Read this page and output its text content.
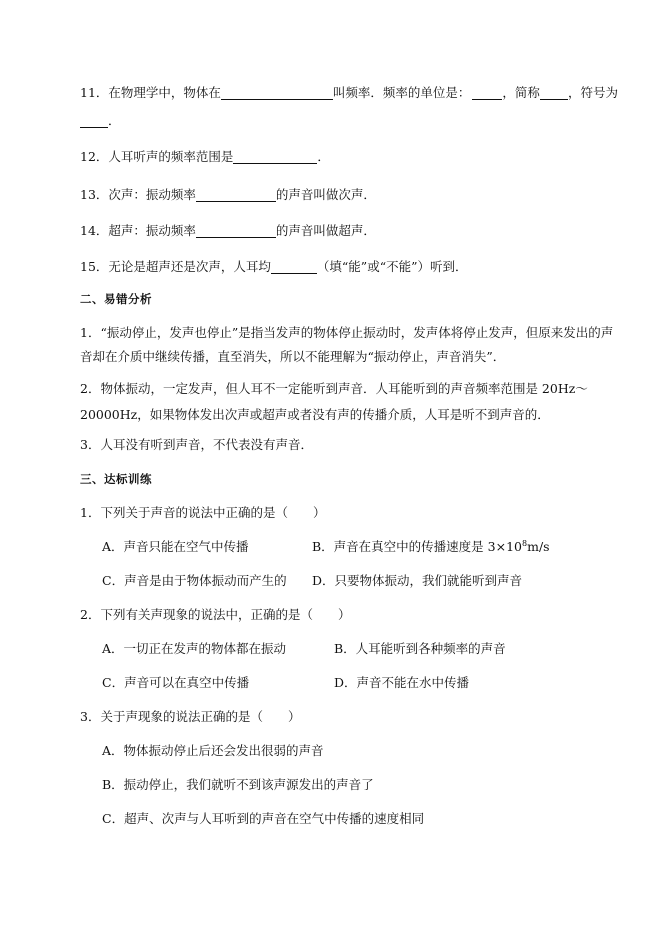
11．在物理学中，物体在	叫频率．频率的单位是：	，简称 ，符号为
．
12．人耳听声的频率范围是	．
13．次声：振动频率	的声音叫做次声．
14．超声：振动频率	的声音叫做超声．
15．无论是超声还是次声，人耳均	（填“能”或“不能”）听到．
二、易错分析
1．“振动停止，发声也停止”是指当发声的物体停止振动时，发声体将停止发声，但原来发出的声
音却在介质中继续传播，直至消失，所以不能理解为“振动停止，声音消失”．
2．物体振动，一定发声，但人耳不一定能听到声音．人耳能听到的声音频率范围是 20Hz～
20000Hz，如果物体发出次声或超声或者没有声的传播介质，人耳是听不到声音的．
3．人耳没有听到声音，不代表没有声音．
三、达标训练
1．下列关于声音的说法中正确的是（　　）
A．声音只能在空气中传播	B．声音在真空中的传播速度是 $3\times 10^8m/s$
C．声音是由于物体振动而产生的 D．只要物体振动，我们就能听到声音
2．下列有关声现象的说法中，正确的是（　　）
A．一切正在发声的物体都在振动	B．人耳能听到各种频率的声音
C．声音可以在真空中传播	D．声音不能在水中传播
3．关于声现象的说法正确的是（　　）
A．物体振动停止后还会发出很弱的声音
B．振动停止，我们就听不到该声源发出的声音了
C．超声、次声与人耳听到的声音在空气中传播的速度相同
